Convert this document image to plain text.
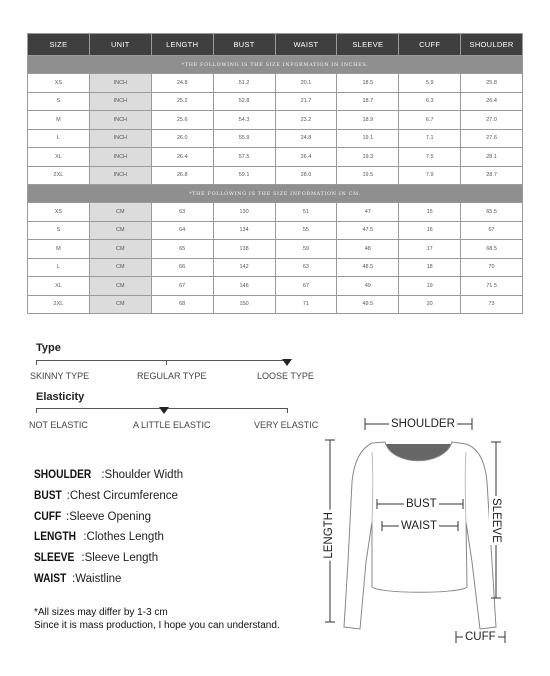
SIZE	UNIT	LENGTH	BUST	WAIST	SLEEVE	CUFF	SHOULDER
*THE FOLLOWING IS THE SIZE INFORMATION IN INCHES.							
XS	INCH	24.8	51.2	20.1	18.5	5.9	25.8
S	INCH	25.2	52.8	21.7	18.7	6.3	26.4
M	INCH	25.6	54.3	23.2	18.9	6.7	27.0
L	INCH	26.0	55.9	24.8	19.1	7.1	27.6
XL	INCH	26.4	57.5	26.4	19.3	7.5	28.1
2XL	INCH	26.8	59.1	28.0	19.5	7.9	28.7
*THE FOLLOWING IS THE SIZE INFORMATION IN CM.							
XS	CM	63	130	51	47	15	65.5
S	CM	64	134	55	47.5	16	67
M	CM	65	138	59	48	17	68.5
L	CM	66	142	63	48.5	18	70
XL	CM	67	146	67	49	19	71.5
2XL	CM	68	150	71	49.5	20	73
Type
SKINNY TYPE	REGULAR TYPE	LOOSE TYPE
Elasticity
NOT ELASTIC	A LITTLE ELASTIC	VERY ELASTIC
SHOULDER :Shoulder Width
BUST :Chest Circumference
CUFF :Sleeve Opening
LENGTH :Clothes Length
SLEEVE :Sleeve Length
WAIST :Waistline
*All sizes may differ by 1-3 cm
Since it is mass production, I hope you can understand.
SHOULDER
BUST
WAIST
LENGTH	SLEEVE
CUFF
